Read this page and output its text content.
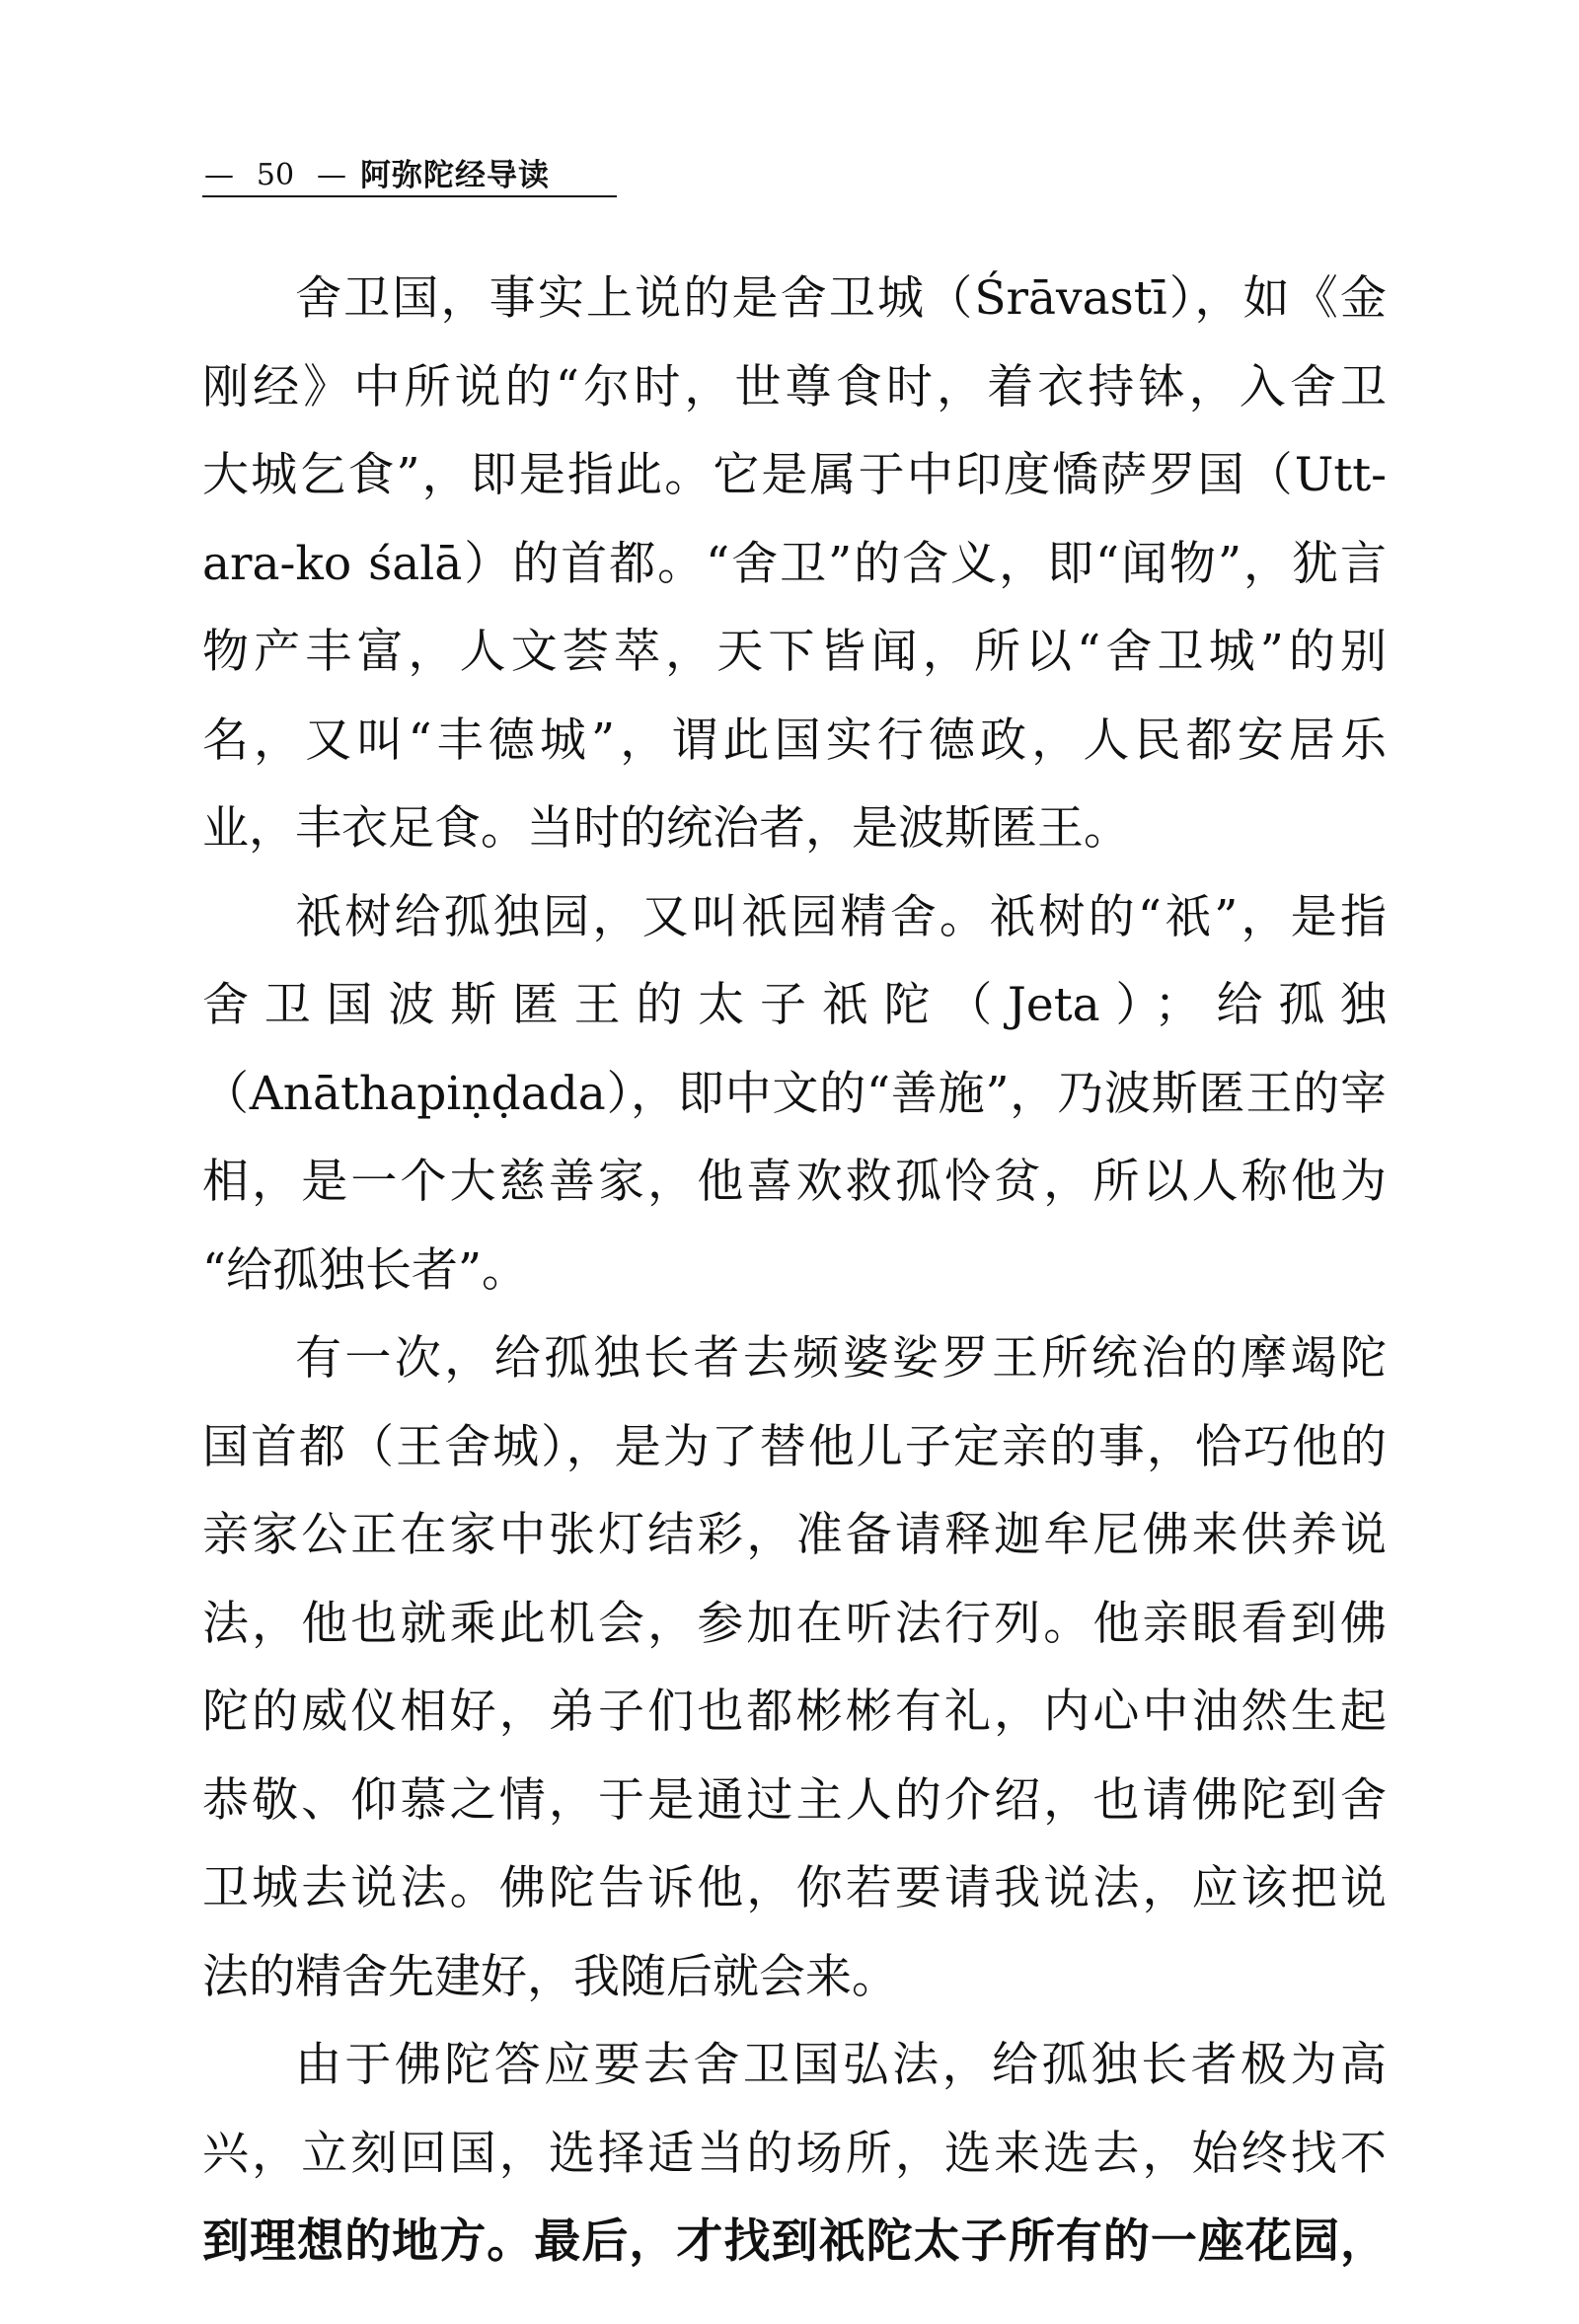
— 50 — 阿弥陀经导读
舍卫国，事实上说的是舍卫城（Śrāvastī），如《金
刚经》中所说的“尔时，世尊食时，着衣持钵，入舍卫
大城乞食”，即是指此。它是属于中印度憍萨罗国（Utt-
ara-ko śalā）的首都。“舍卫”的含义，即“闻物”，犹言
物产丰富，人文荟萃，天下皆闻，所以“舍卫城”的别
名，又叫“丰德城”，谓此国实行德政，人民都安居乐
业，丰衣足食。当时的统治者，是波斯匿王。
祇树给孤独园，又叫祇园精舍。祇树的“祇”，是指
舍卫国波斯匿王的太子祇陀（Jeta）；给孤独
（Anāthapiṇḍada），即中文的“善施”，乃波斯匿王的宰
相，是一个大慈善家，他喜欢救孤怜贫，所以人称他为
“给孤独长者”。
有一次，给孤独长者去频婆娑罗王所统治的摩竭陀
国首都（王舍城），是为了替他儿子定亲的事，恰巧他的
亲家公正在家中张灯结彩，准备请释迦牟尼佛来供养说
法，他也就乘此机会，参加在听法行列。他亲眼看到佛
陀的威仪相好，弟子们也都彬彬有礼，内心中油然生起
恭敬、仰慕之情，于是通过主人的介绍，也请佛陀到舍
卫城去说法。佛陀告诉他，你若要请我说法，应该把说
法的精舍先建好，我随后就会来。
由于佛陀答应要去舍卫国弘法，给孤独长者极为高
兴，立刻回国，选择适当的场所，选来选去，始终找不
到理想的地方。最后，才找到祇陀太子所有的一座花园，
